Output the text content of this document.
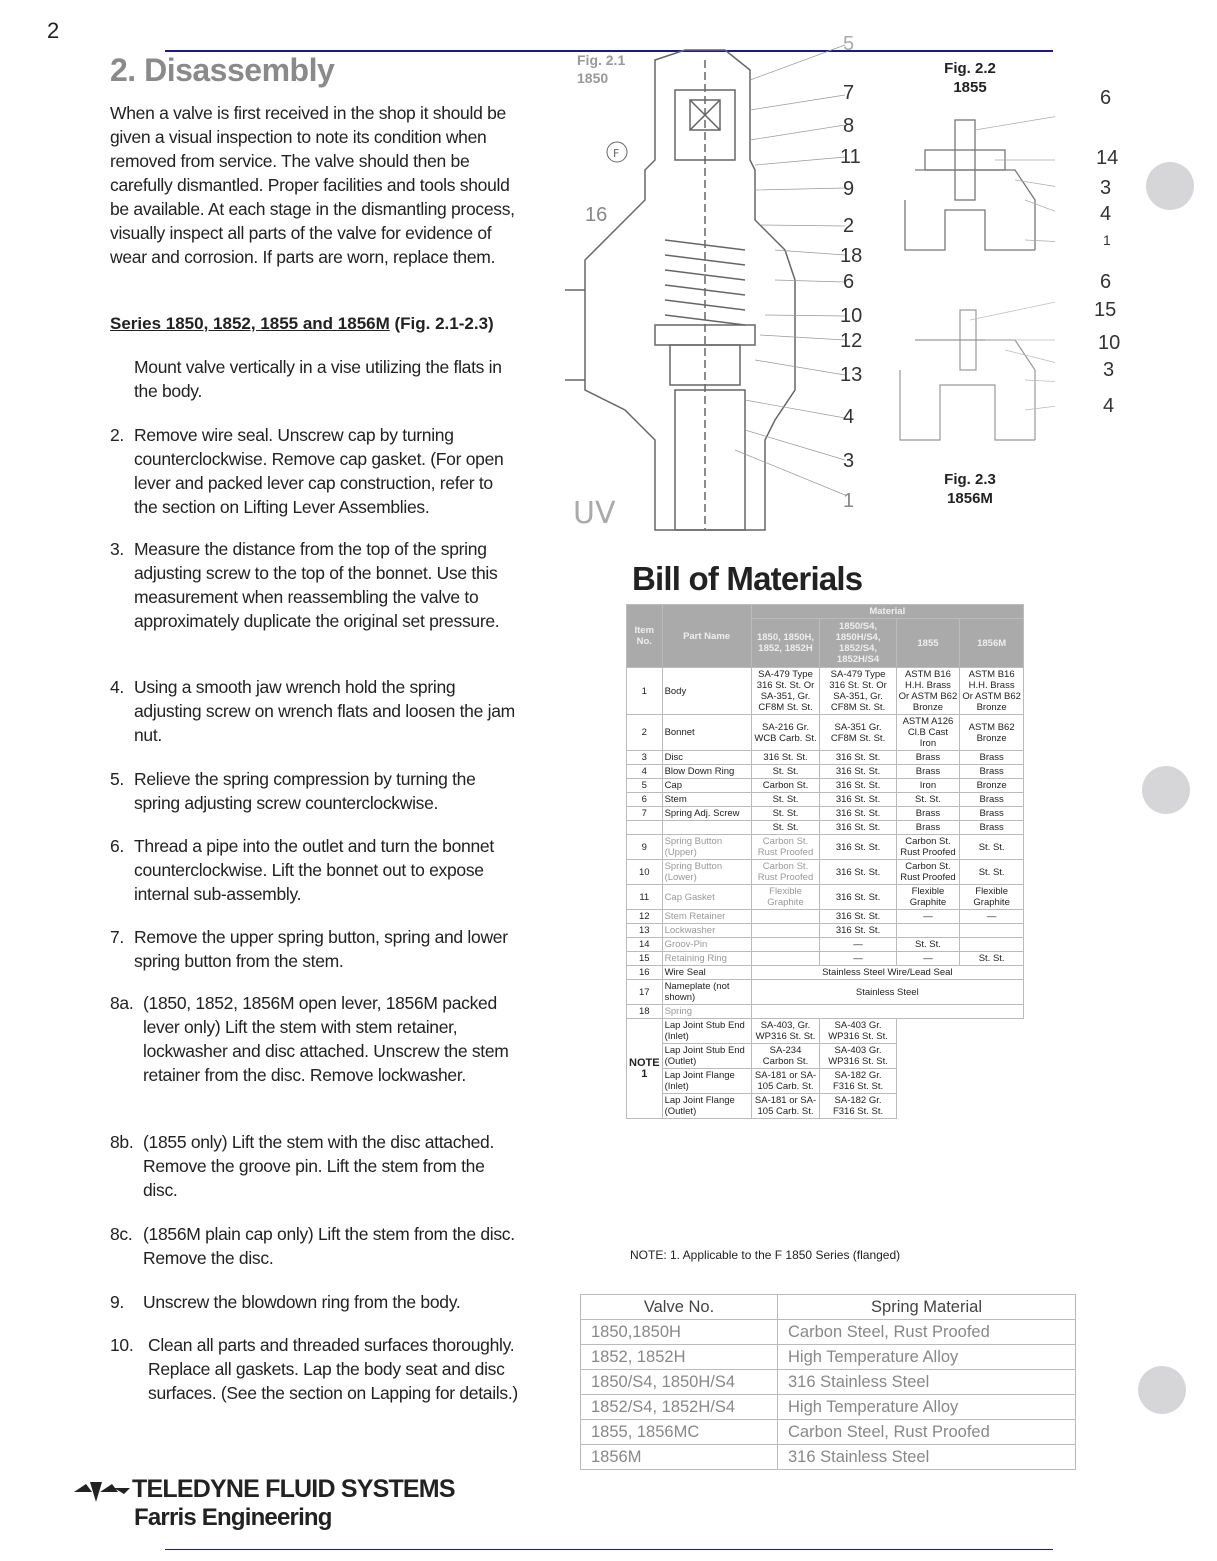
2
2. Disassembly
When a valve is first received in the shop it should be given a visual inspection to note its condition when removed from service. The valve should then be carefully dismantled. Proper facilities and tools should be available. At each stage in the dismantling process, visually inspect all parts of the valve for evidence of wear and corrosion. If parts are worn, replace them.
Series 1850, 1852, 1855 and 1856M (Fig. 2.1-2.3)
Mount valve vertically in a vise utilizing the flats in the body.
2. Remove wire seal. Unscrew cap by turning counterclockwise. Remove cap gasket. (For open lever and packed lever cap construction, refer to the section on Lifting Lever Assemblies.
3. Measure the distance from the top of the spring adjusting screw to the top of the bonnet. Use this measurement when reassembling the valve to approximately duplicate the original set pressure.
4. Using a smooth jaw wrench hold the spring adjusting screw on wrench flats and loosen the jam nut.
5. Relieve the spring compression by turning the spring adjusting screw counterclockwise.
6. Thread a pipe into the outlet and turn the bonnet counterclockwise. Lift the bonnet out to expose internal sub-assembly.
7. Remove the upper spring button, spring and lower spring button from the stem.
8a. (1850, 1852, 1856M open lever, 1856M packed lever only) Lift the stem with stem retainer, lockwasher and disc attached. Unscrew the stem retainer from the disc. Remove lockwasher.
8b. (1855 only) Lift the stem with the disc attached. Remove the groove pin. Lift the stem from the disc.
8c. (1856M plain cap only) Lift the stem from the disc. Remove the disc.
9. Unscrew the blowdown ring from the body.
10. Clean all parts and threaded surfaces thoroughly. Replace all gaskets. Lap the body seat and disc surfaces. (See the section on Lapping for details.)
Fig. 2.1
1850
F
UV
5
7
8
11
9
2
18
6
10
12
13
4
3
1
16
Fig. 2.2
1855	6
14
3
4
1
6
15
10
3
4
Fig. 2.3
1856M
Bill of Materials
Item No.	Part Name	Material			
		1850, 1850H, 1852, 1852H	1850/S4, 1850H/S4, 1852/S4, 1852H/S4	1855	1856M
1	Body	SA-479 Type 316 St. St. Or SA-351, Gr. CF8M St. St.	SA-479 Type 316 St. St. Or SA-351, Gr. CF8M St. St.	ASTM B16 H.H. Brass Or ASTM B62 Bronze	ASTM B16 H.H. Brass Or ASTM B62 Bronze
2	Bonnet	SA-216 Gr. WCB Carb. St.	SA-351 Gr. CF8M St. St.	ASTM A126 Cl.B Cast Iron	ASTM B62 Bronze
3	Disc	316 St. St.	316 St. St.	Brass	Brass
4	Blow Down Ring	St. St.	316 St. St.	Brass	Brass
5	Cap	Carbon St.	316 St. St.	Iron	Bronze
6	Stem	St. St.	316 St. St.	St. St.	Brass
7	Spring Adj. Screw	St. St.	316 St. St.	Brass	Brass
		St. St.	316 St. St.	Brass	Brass
9	Spring Button (Upper)	Carbon St. Rust Proofed	316 St. St.	Carbon St. Rust Proofed	St. St.
10	Spring Button (Lower)	Carbon St. Rust Proofed	316 St. St.	Carbon St. Rust Proofed	St. St.
11	Cap Gasket	Flexible Graphite	316 St. St.	Flexible Graphite	Flexible Graphite
12	Stem Retainer		316 St. St.	—	—
13	Lockwasher		316 St. St.		
14	Groov-Pin		—	St. St.	
15	Retaining Ring		—	—	St. St.
16	Wire Seal	Stainless Steel Wire/Lead Seal			
17	Nameplate (not shown)	Stainless Steel			
18	Spring				
NOTE 1	Lap Joint Stub End (Inlet)	SA-403, Gr. WP316 St. St.	SA-403 Gr. WP316 St. St.		
	Lap Joint Stub End (Outlet)	SA-234 Carbon St.	SA-403 Gr. WP316 St. St.		
	Lap Joint Flange (Inlet)	SA-181 or SA-105 Carb. St.	SA-182 Gr. F316 St. St.		
	Lap Joint Flange (Outlet)	SA-181 or SA-105 Carb. St.	SA-182 Gr. F316 St. St.		
NOTE: 1. Applicable to the F 1850 Series (flanged)
Valve No.	Spring Material
1850,1850H	Carbon Steel, Rust Proofed
1852, 1852H	High Temperature Alloy
1850/S4, 1850H/S4	316 Stainless Steel
1852/S4, 1852H/S4	High Temperature Alloy
1855, 1856MC	Carbon Steel, Rust Proofed
1856M	316 Stainless Steel
TELEDYNE FLUID SYSTEMS
Farris Engineering
